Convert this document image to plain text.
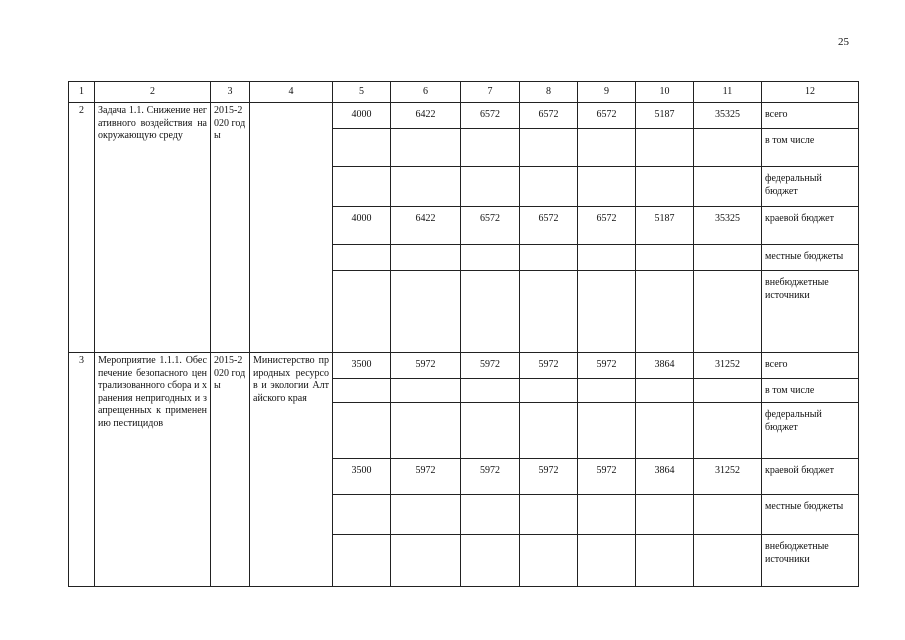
25
1	2	3	4	5	6	7	8	9	10	11	12
2	Задача 1.1. Снижение негативного воздействия на окружающую среду	2015-2020 годы		4000	6422	6572	6572	6572	5187	35325	всего
											в том числе
											федеральный бюджет
				4000	6422	6572	6572	6572	5187	35325	краевой бюджет
											местные бюджеты
											внебюджетные источники
3	Мероприятие 1.1.1. Обеспечение безопасного централизованного сбора и хранения непригодных и запрещенных к применению пестицидов	2015-2020 годы	Министерство природных ресурсов и экологии Алтайского края	3500	5972	5972	5972	5972	3864	31252	всего
											в том числе
											федеральный бюджет
				3500	5972	5972	5972	5972	3864	31252	краевой бюджет
											местные бюджеты
											внебюджетные источники
